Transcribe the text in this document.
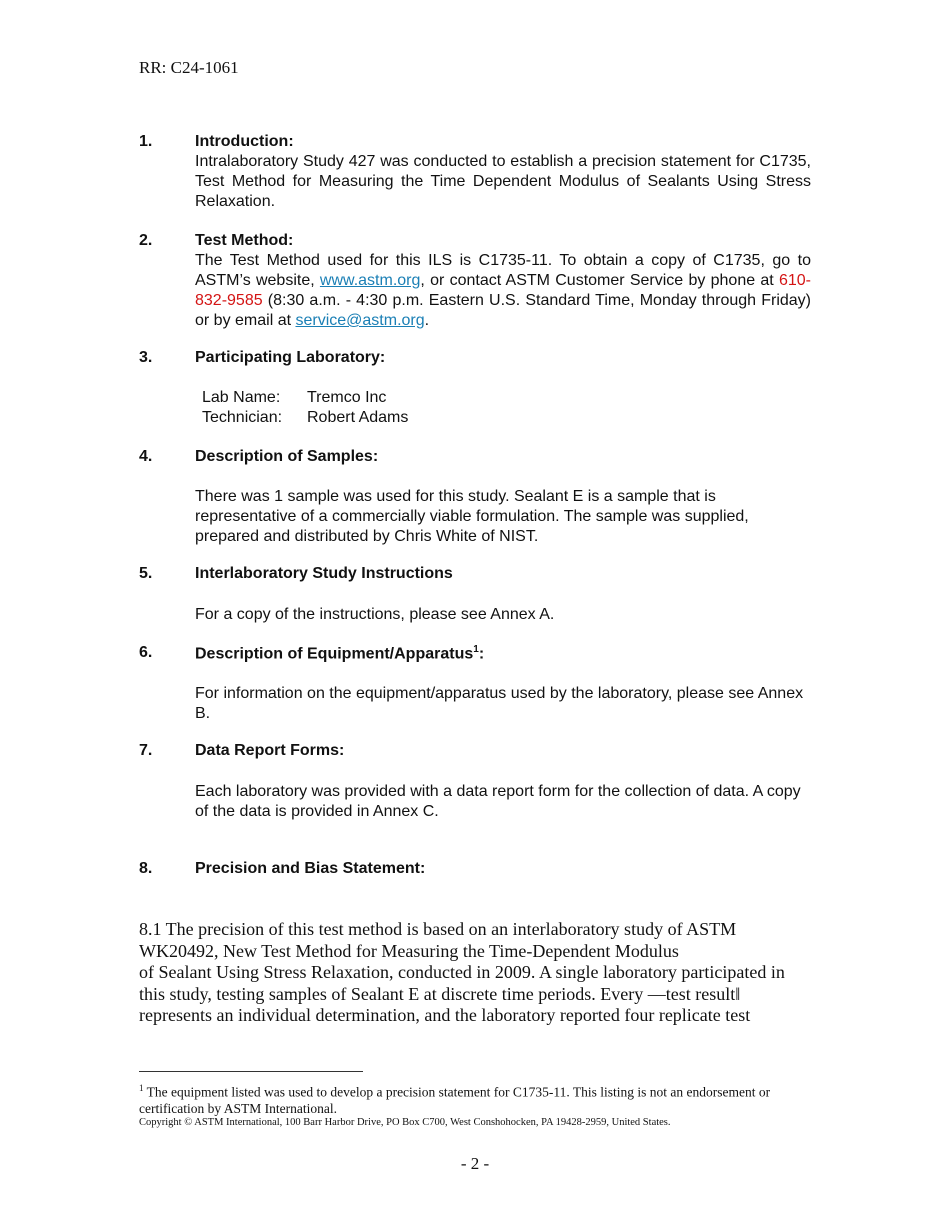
RR: C24-1061
1.	Introduction:
Intralaboratory Study 427 was conducted to establish a precision statement for C1735, Test Method for Measuring the Time Dependent Modulus of Sealants Using Stress Relaxation.
2.	Test Method:
The Test Method used for this ILS is C1735-11. To obtain a copy of C1735, go to ASTM’s website, www.astm.org, or contact ASTM Customer Service by phone at 610-832-9585 (8:30 a.m. - 4:30 p.m. Eastern U.S. Standard Time, Monday through Friday) or by email at service@astm.org.
3.	Participating Laboratory:
Lab Name:	Tremco Inc
Technician:	Robert Adams
4.	Description of Samples:
There was 1 sample was used for this study. Sealant E is a sample that is representative of a commercially viable formulation. The sample was supplied, prepared and distributed by Chris White of NIST.
5.	Interlaboratory Study Instructions
For a copy of the instructions, please see Annex A.
6.	Description of Equipment/Apparatus$^1$:
For information on the equipment/apparatus used by the laboratory, please see Annex B.
7.	Data Report Forms:
Each laboratory was provided with a data report form for the collection of data. A copy of the data is provided in Annex C.
8.	Precision and Bias Statement:
8.1 The precision of this test method is based on an interlaboratory study of ASTM
WK20492, New Test Method for Measuring the Time-Dependent Modulus
of Sealant Using Stress Relaxation, conducted in 2009. A single laboratory participated in
this study, testing samples of Sealant E at discrete time periods. Every ―test result‖
represents an individual determination, and the laboratory reported four replicate test
$^1$ The equipment listed was used to develop a precision statement for C1735-11. This listing is not an endorsement or certification by ASTM International.
Copyright © ASTM International, 100 Barr Harbor Drive, PO Box C700, West Conshohocken, PA 19428-2959, United States.
- 2 -
